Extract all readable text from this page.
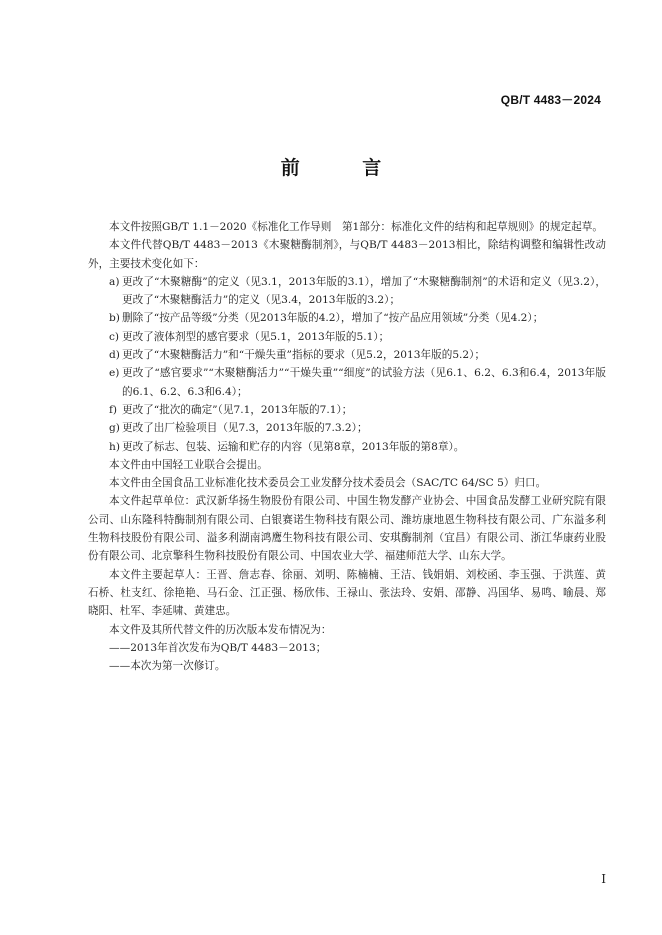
QB/T 4483－2024
前 言

本文件按照GB/T 1.1－2020《标准化工作导则　第1部分：标准化文件的结构和起草规则》的规定起草。

本文件代替QB/T 4483－2013《木聚糖酶制剂》，与QB/T 4483－2013相比，除结构调整和编辑性改动外，主要技术变化如下：

a) 更改了“木聚糖酶”的定义（见3.1，2013年版的3.1），增加了“木聚糖酶制剂”的术语和定义（见3.2），更改了“木聚糖酶活力”的定义（见3.4，2013年版的3.2）；

b) 删除了“按产品等级”分类（见2013年版的4.2），增加了“按产品应用领域”分类（见4.2）；

c) 更改了液体剂型的感官要求（见5.1，2013年版的5.1）；

d) 更改了“木聚糖酶活力”和“干燥失重”指标的要求（见5.2，2013年版的5.2）；

e) 更改了“感官要求”“木聚糖酶活力”“干燥失重”“细度”的试验方法（见6.1、6.2、6.3和6.4，2013年版的6.1、6.2、6.3和6.4）；

f) 更改了“批次的确定”（见7.1，2013年版的7.1）；

g) 更改了出厂检验项目（见7.3，2013年版的7.3.2）；

h) 更改了标志、包装、运输和贮存的内容（见第8章，2013年版的第8章）。

本文件由中国轻工业联合会提出。

本文件由全国食品工业标准化技术委员会工业发酵分技术委员会（SAC/TC 64/SC 5）归口。

本文件起草单位：武汉新华扬生物股份有限公司、中国生物发酵产业协会、中国食品发酵工业研究院有限公司、山东隆科特酶制剂有限公司、白银赛诺生物科技有限公司、潍坊康地恩生物科技有限公司、广东溢多利生物科技股份有限公司、溢多利湖南鸿鹰生物科技有限公司、安琪酶制剂（宜昌）有限公司、浙江华康药业股份有限公司、北京擎科生物科技股份有限公司、中国农业大学、福建师范大学、山东大学。

本文件主要起草人：王晋、詹志春、徐丽、刘明、陈楠楠、王洁、钱娟娟、刘校函、李玉强、于洪莲、黄石桥、杜支红、徐艳艳、马石金、江正强、杨欣伟、王禄山、张法玲、安娟、邵静、冯国华、易鸣、喻晨、郑晓阳、杜军、李延啸、黄建忠。

本文件及其所代替文件的历次版本发布情况为：

——2013年首次发布为QB/T 4483－2013；

——本次为第一次修订。

I
